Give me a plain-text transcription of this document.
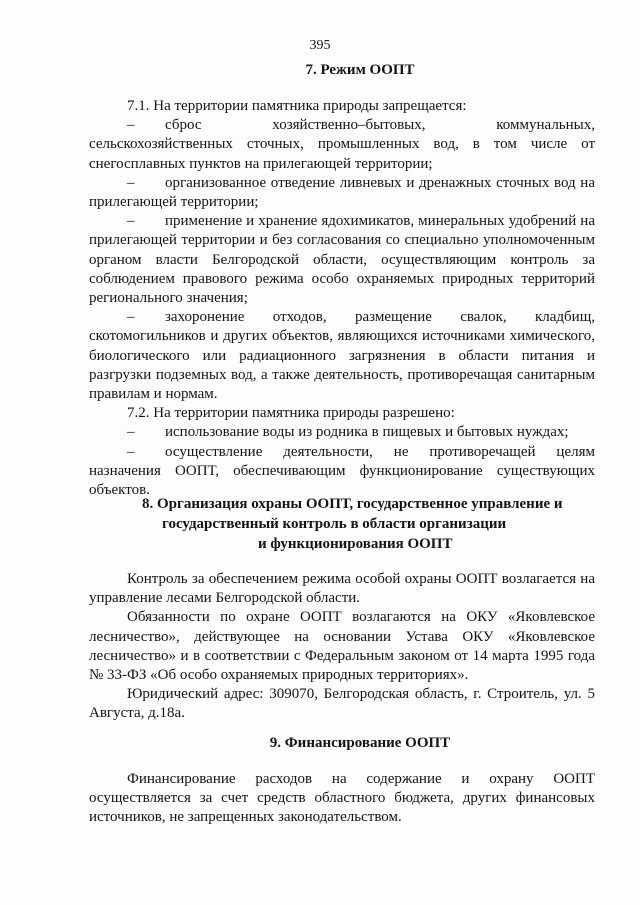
395
7. Режим ООПТ

7.1. На территории памятника природы запрещается:

– сброс хозяйственно–бытовых, коммунальных, сельскохозяйственных сточных, промышленных вод, в том числе от снегосплавных пунктов на прилегающей территории;

– организованное отведение ливневых и дренажных сточных вод на прилегающей территории;

– применение и хранение ядохимикатов, минеральных удобрений на прилегающей территории и без согласования со специально уполномоченным органом власти Белгородской области, осуществляющим контроль за соблюдением правового режима особо охраняемых природных территорий регионального значения;

– захоронение отходов, размещение свалок, кладбищ, скотомогильников и других объектов, являющихся источниками химического, биологического или радиационного загрязнения в области питания и разгрузки подземных вод, а также деятельность, противоречащая санитарным правилам и нормам.

7.2. На территории памятника природы разрешено:

– использование воды из родника в пищевых и бытовых нуждах;

– осуществление деятельности, не противоречащей целям назначения ООПТ, обеспечивающим функционирование существующих объектов.

8. Организация охраны ООПТ, государственное управление и
государственный контроль в области организации
и функционирования ООПТ

Контроль за обеспечением режима особой охраны ООПТ возлагается на управление лесами Белгородской области.

Обязанности по охране ООПТ возлагаются на ОКУ «Яковлевское лесничество», действующее на основании Устава ОКУ «Яковлевское лесничество» и в соответствии с Федеральным законом от 14 марта 1995 года № 33-ФЗ «Об особо охраняемых природных территориях».

Юридический адрес: 309070, Белгородская область, г. Строитель, ул. 5 Августа, д.18а.

9. Финансирование ООПТ

Финансирование расходов на содержание и охрану ООПТ осуществляется за счет средств областного бюджета, других финансовых источников, не запрещенных законодательством.
